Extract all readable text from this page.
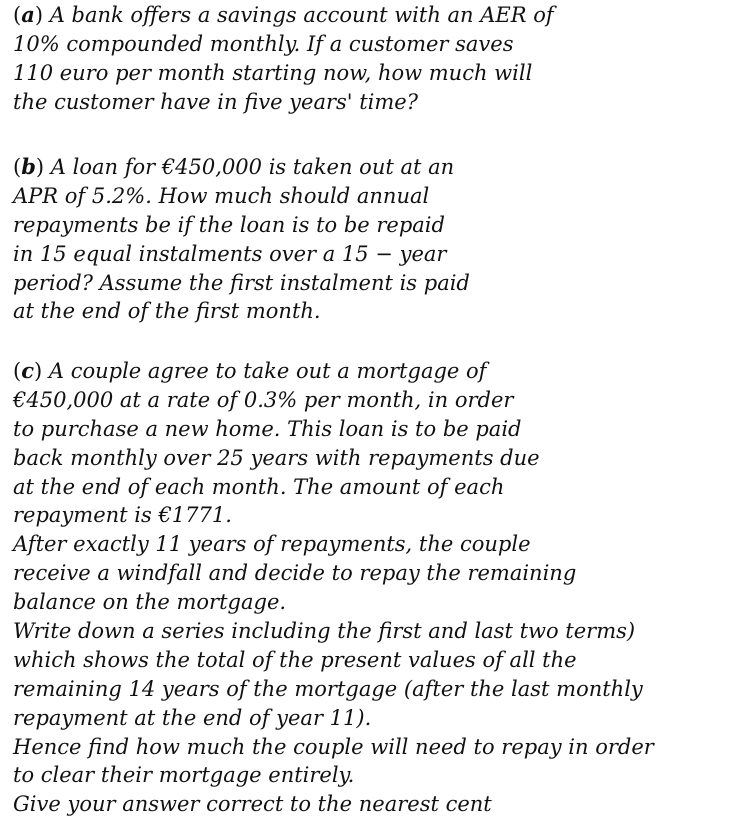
(a) A bank offers a savings account with an AER of
10% compounded monthly. If a customer saves
110 euro per month starting now, how much will
the customer have in five years' time?
(b) A loan for €450,000 is taken out at an
APR of 5.2%. How much should annual
repayments be if the loan is to be repaid
in 15 equal instalments over a 15 − year
period? Assume the first instalment is paid
at the end of the first month.
(c) A couple agree to take out a mortgage of
€450,000 at a rate of 0.3% per month, in order
to purchase a new home. This loan is to be paid
back monthly over 25 years with repayments due
at the end of each month. The amount of each
repayment is €1771.
After exactly 11 years of repayments, the couple
receive a windfall and decide to repay the remaining
balance on the mortgage.
Write down a series including the first and last two terms)
which shows the total of the present values of all the
remaining 14 years of the mortgage (after the last monthly
repayment at the end of year 11).
Hence find how much the couple will need to repay in order
to clear their mortgage entirely.
Give your answer correct to the nearest cent
